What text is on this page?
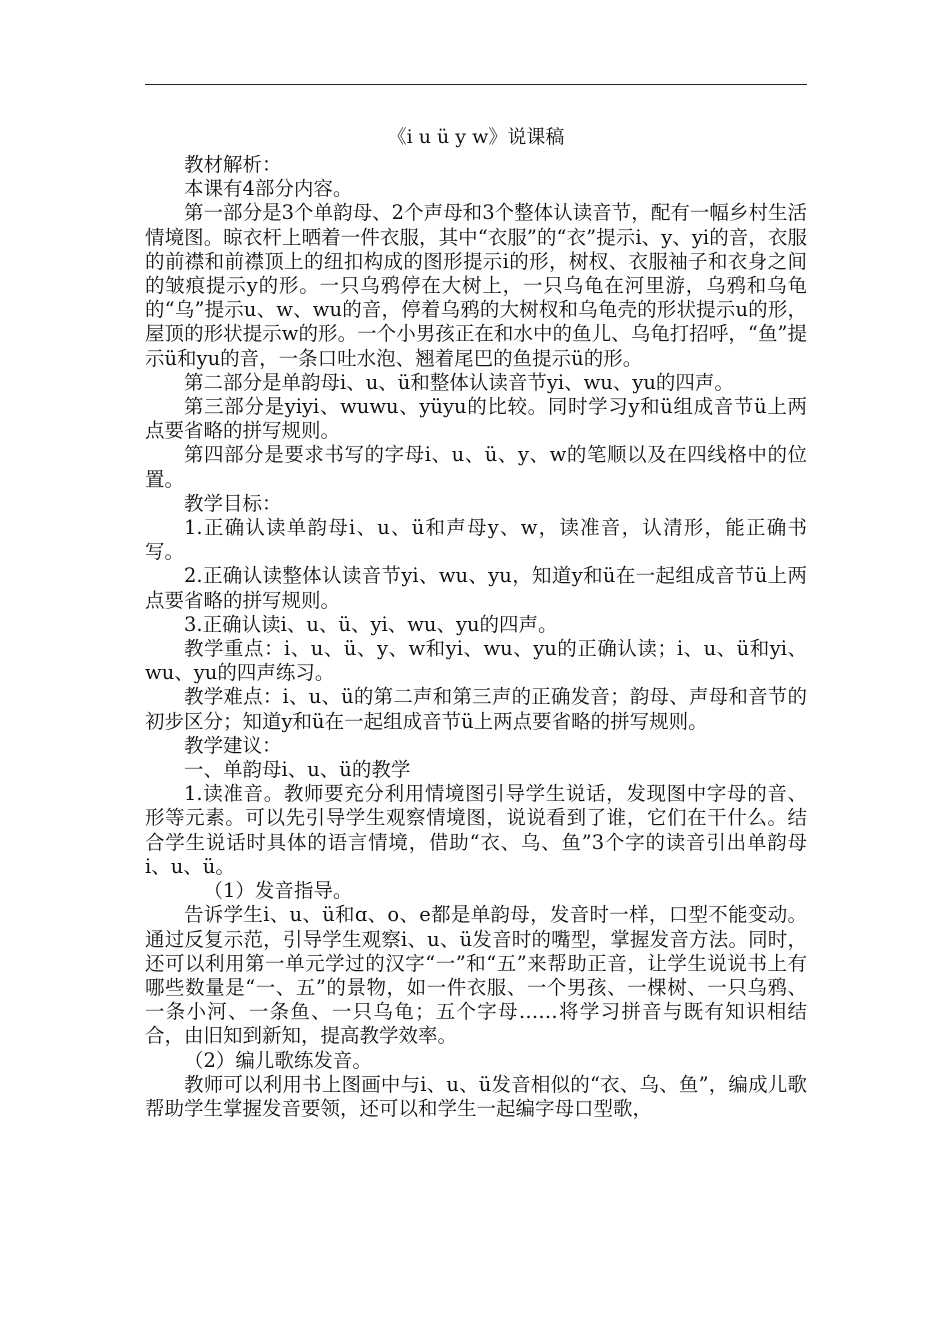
《i u ü y w》说课稿

教材解析：

本课有4部分内容。

第一部分是3个单韵母、2个声母和3个整体认读音节，配有一幅乡村生活情境图。晾衣杆上晒着一件衣服，其中“衣服”的“衣”提示i、y、yi的音，衣服的前襟和前襟顶上的纽扣构成的图形提示i的形，树杈、衣服袖子和衣身之间的皱痕提示y的形。一只乌鸦停在大树上，一只乌龟在河里游，乌鸦和乌龟的“乌”提示u、w、wu的音，停着乌鸦的大树杈和乌龟壳的形状提示u的形，屋顶的形状提示w的形。一个小男孩正在和水中的鱼儿、乌龟打招呼，“鱼”提示ü和yu的音，一条口吐水泡、翘着尾巴的鱼提示ü的形。

第二部分是单韵母i、u、ü和整体认读音节yi、wu、yu的四声。

第三部分是yiyi、wuwu、yüyu的比较。同时学习y和ü组成音节ü上两点要省略的拼写规则。

第四部分是要求书写的字母i、u、ü、y、w的笔顺以及在四线格中的位置。

教学目标：

1.正确认读单韵母i、u、ü和声母y、w，读准音，认清形，能正确书写。

2.正确认读整体认读音节yi、wu、yu，知道y和ü在一起组成音节ü上两点要省略的拼写规则。

3.正确认读i、u、ü、yi、wu、yu的四声。

教学重点：i、u、ü、y、w和yi、wu、yu的正确认读；i、u、ü和yi、wu、yu的四声练习。

教学难点：i、u、ü的第二声和第三声的正确发音；韵母、声母和音节的初步区分；知道y和ü在一起组成音节ü上两点要省略的拼写规则。

教学建议：

一、单韵母i、u、ü的教学

1.读准音。教师要充分利用情境图引导学生说话，发现图中字母的音、形等元素。可以先引导学生观察情境图，说说看到了谁，它们在干什么。结合学生说话时具体的语言情境，借助“衣、乌、鱼”3个字的读音引出单韵母i、u、ü。

（1）发音指导。

告诉学生i、u、ü和ɑ、o、e都是单韵母，发音时一样，口型不能变动。通过反复示范，引导学生观察i、u、ü发音时的嘴型，掌握发音方法。同时，还可以利用第一单元学过的汉字“一”和“五”来帮助正音，让学生说说书上有哪些数量是“一、五”的景物，如一件衣服、一个男孩、一棵树、一只乌鸦、一条小河、一条鱼、一只乌龟；五个字母……将学习拼音与既有知识相结合，由旧知到新知，提高教学效率。

（2）编儿歌练发音。

教师可以利用书上图画中与i、u、ü发音相似的“衣、乌、鱼”，编成儿歌帮助学生掌握发音要领，还可以和学生一起编字母口型歌，
